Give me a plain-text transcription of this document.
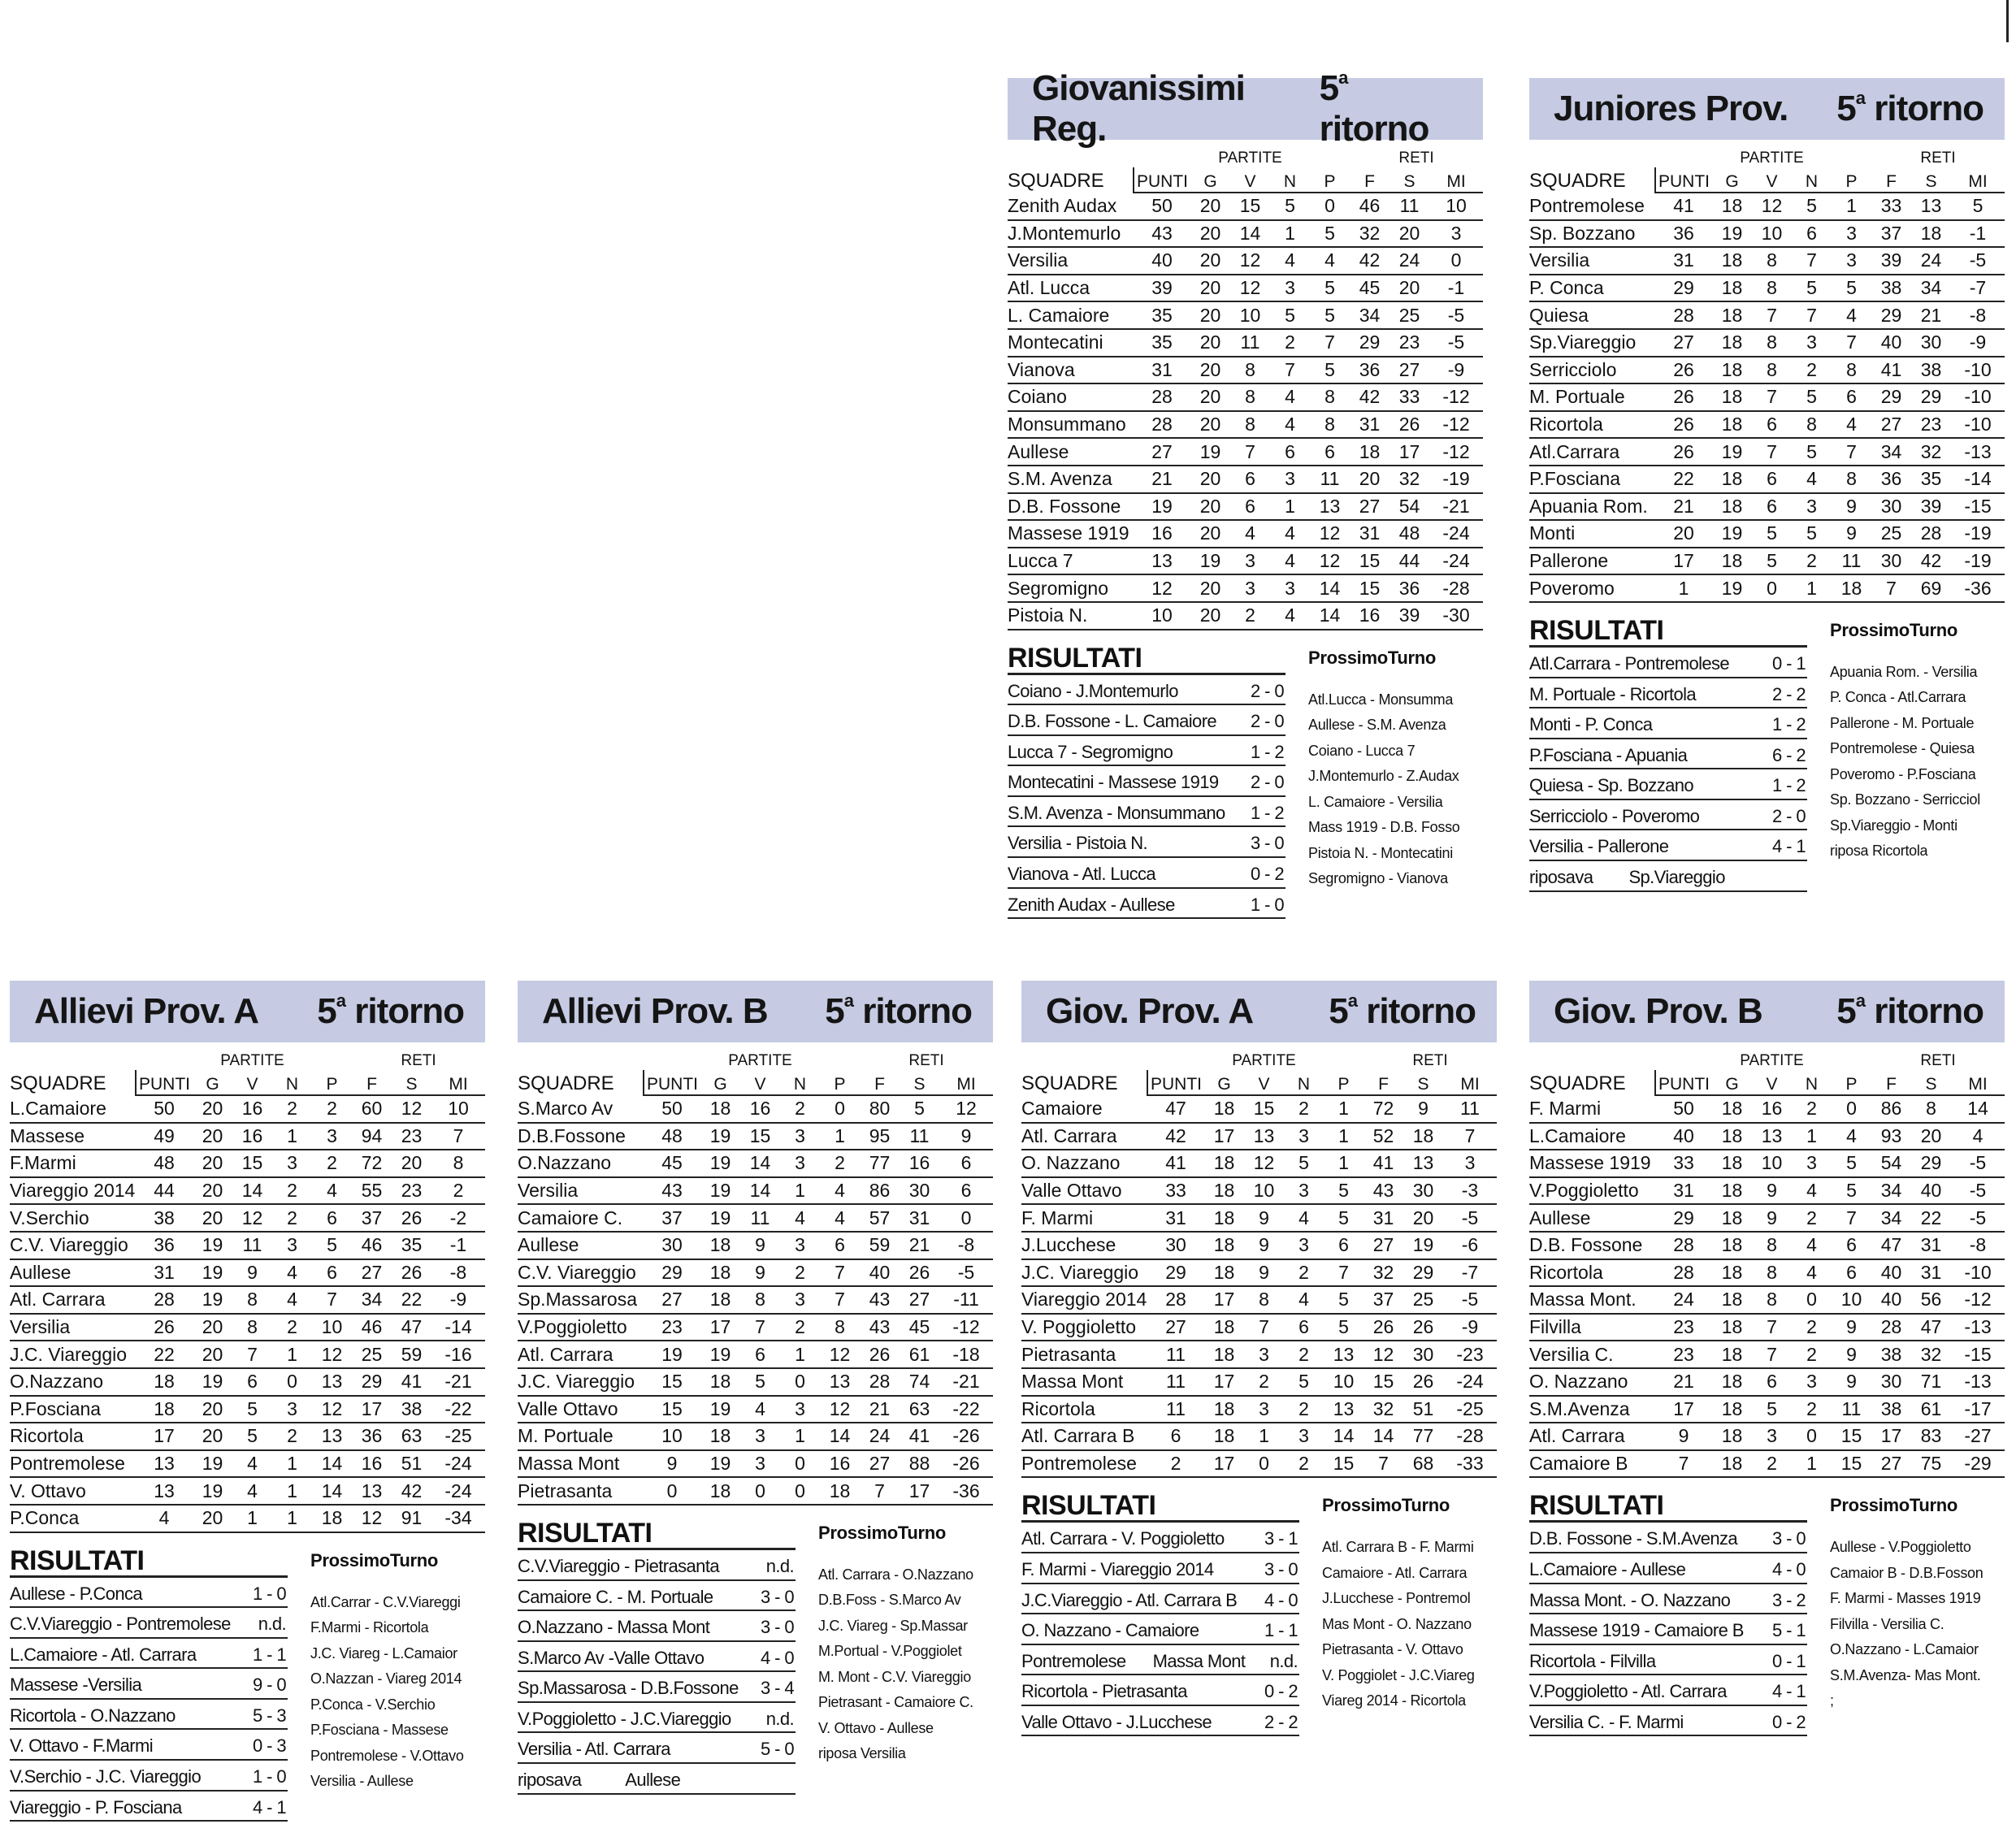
Giovanissimi Reg.
5$^a$ ritorno
		PARTITE				RETI			
SQUADRE	PUNTI	G	V	N	P	F	S	MI	
Zenith Audax	50	20	15	5	0	46	11	10	
J.Montemurlo	43	20	14	1	5	32	20	3	
Versilia	40	20	12	4	4	42	24	0	
Atl. Lucca	39	20	12	3	5	45	20	-1	
L. Camaiore	35	20	10	5	5	34	25	-5	
Montecatini	35	20	11	2	7	29	23	-5	
Vianova	31	20	8	7	5	36	27	-9	
Coiano	28	20	8	4	8	42	33	-12	
Monsummano	28	20	8	4	8	31	26	-12	
Aullese	27	19	7	6	6	18	17	-12	
S.M. Avenza	21	20	6	3	11	20	32	-19	
D.B. Fossone	19	20	6	1	13	27	54	-21	
Massese 1919	16	20	4	4	12	31	48	-24	
Lucca 7	13	19	3	4	12	15	44	-24	
Segromigno	12	20	3	3	14	15	36	-28	
Pistoia N.	10	20	2	4	14	16	39	-30	
RISULTATI
Coiano - J.Montemurlo	2 - 0
D.B. Fossone - L. Camaiore 2 - 0
Lucca 7 - Segromigno	1 - 2
Montecatini - Massese 1919 2 - 0
S.M. Avenza - Monsummano 1 - 2
Versilia - Pistoia N.	3 - 0
Vianova - Atl. Lucca	0 - 2
Zenith Audax - Aullese	1 - 0
ProssimoTurno
Atl.Lucca - Monsumma
Aullese - S.M. Avenza
Coiano - Lucca 7
J.Montemurlo - Z.Audax
L. Camaiore - Versilia
Mass 1919 - D.B. Fosso
Pistoia N. - Montecatini
Segromigno - Vianova
Juniores Prov. 5$^a$ ritorno
		PARTITE				RETI			
SQUADRE	PUNTI	G	V	N	P	F	S	MI	
Pontremolese	41	18	12	5	1	33	13	5	
Sp. Bozzano	36	19	10	6	3	37	18	-1	
Versilia	31	18	8	7	3	39	24	-5	
P. Conca	29	18	8	5	5	38	34	-7	
Quiesa	28	18	7	7	4	29	21	-8	
Sp.Viareggio	27	18	8	3	7	40	30	-9	
Serricciolo	26	18	8	2	8	41	38	-10	
M. Portuale	26	18	7	5	6	29	29	-10	
Ricortola	26	18	6	8	4	27	23	-10	
Atl.Carrara	26	19	7	5	7	34	32	-13	
P.Fosciana	22	18	6	4	8	36	35	-14	
Apuania Rom.	21	18	6	3	9	30	39	-15	
Monti	20	19	5	5	9	25	28	-19	
Pallerone	17	18	5	2	11	30	42	-19	
Poveromo	1	19	0	1	18	7	69	-36	
RISULTATI
Atl.Carrara - Pontremolese 0 - 1
M. Portuale - Ricortola	2 - 2
Monti - P. Conca	1 - 2
P.Fosciana - Apuania	6 - 2
Quiesa - Sp. Bozzano	1 - 2
Serricciolo - Poveromo	2 - 0
Versilia - Pallerone	4 - 1
riposava        Sp.Viareggio
ProssimoTurno
Apuania Rom. - Versilia
P. Conca - Atl.Carrara
Pallerone - M. Portuale
Pontremolese - Quiesa
Poveromo - P.Fosciana
Sp. Bozzano - Serricciol
Sp.Viareggio - Monti
riposa Ricortola
Allievi Prov. A 5$^a$ ritorno
		PARTITE				RETI			
SQUADRE	PUNTI	G	V	N	P	F	S	MI	
L.Camaiore	50	20	16	2	2	60	12	10	
Massese	49	20	16	1	3	94	23	7	
F.Marmi	48	20	15	3	2	72	20	8	
Viareggio 2014	44	20	14	2	4	55	23	2	
V.Serchio	38	20	12	2	6	37	26	-2	
C.V. Viareggio	36	19	11	3	5	46	35	-1	
Aullese	31	19	9	4	6	27	26	-8	
Atl. Carrara	28	19	8	4	7	34	22	-9	
Versilia	26	20	8	2	10	46	47	-14	
J.C. Viareggio	22	20	7	1	12	25	59	-16	
O.Nazzano	18	19	6	0	13	29	41	-21	
P.Fosciana	18	20	5	3	12	17	38	-22	
Ricortola	17	20	5	2	13	36	63	-25	
Pontremolese	13	19	4	1	14	16	51	-24	
V. Ottavo	13	19	4	1	14	13	42	-24	
P.Conca	4	20	1	1	18	12	91	-34	
RISULTATI
Aullese - P.Conca	1 - 0
C.V.Viareggio - Pontremolese n.d.
L.Camaiore - Atl. Carrara	1 - 1
Massese -Versilia	9 - 0
Ricortola - O.Nazzano	5 - 3
V. Ottavo - F.Marmi	0 - 3
V.Serchio - J.C. Viareggio	1 - 0
Viareggio - P. Fosciana	4 - 1
ProssimoTurno
Atl.Carrar - C.V.Viareggi
F.Marmi - Ricortola
J.C. Viareg - L.Camaior
O.Nazzan - Viareg 2014
P.Conca - V.Serchio
P.Fosciana - Massese
Pontremolese - V.Ottavo
Versilia - Aullese
Allievi Prov. B 5$^a$ ritorno
		PARTITE				RETI			
SQUADRE	PUNTI	G	V	N	P	F	S	MI	
S.Marco Av	50	18	16	2	0	80	5	12	
D.B.Fossone	48	19	15	3	1	95	11	9	
O.Nazzano	45	19	14	3	2	77	16	6	
Versilia	43	19	14	1	4	86	30	6	
Camaiore C.	37	19	11	4	4	57	31	0	
Aullese	30	18	9	3	6	59	21	-8	
C.V. Viareggio	29	18	9	2	7	40	26	-5	
Sp.Massarosa	27	18	8	3	7	43	27	-11	
V.Poggioletto	23	17	7	2	8	43	45	-12	
Atl. Carrara	19	19	6	1	12	26	61	-18	
J.C. Viareggio	15	18	5	0	13	28	74	-21	
Valle Ottavo	15	19	4	3	12	21	63	-22	
M. Portuale	10	18	3	1	14	24	41	-26	
Massa Mont	9	19	3	0	16	27	88	-26	
Pietrasanta	0	18	0	0	18	7	17	-36	
RISULTATI
C.V.Viareggio - Pietrasanta	n.d.
Camaiore C. - M. Portuale	3 - 0
O.Nazzano - Massa Mont	3 - 0
S.Marco Av -Valle Ottavo	4 - 0
Sp.Massarosa - D.B.Fossone 3 - 4
V.Poggioletto - J.C.Viareggio n.d.
Versilia - Atl. Carrara	5 - 0
riposava          Aullese
ProssimoTurno
Atl. Carrara - O.Nazzano
D.B.Foss - S.Marco Av
J.C. Viareg - Sp.Massar
M.Portual - V.Poggiolet
M. Mont - C.V. Viareggio
Pietrasant - Camaiore C.
V. Ottavo - Aullese
riposa Versilia
Giov. Prov. A 5$^a$ ritorno
		PARTITE				RETI			
SQUADRE	PUNTI	G	V	N	P	F	S	MI	
Camaiore	47	18	15	2	1	72	9	11	
Atl. Carrara	42	17	13	3	1	52	18	7	
O. Nazzano	41	18	12	5	1	41	13	3	
Valle Ottavo	33	18	10	3	5	43	30	-3	
F. Marmi	31	18	9	4	5	31	20	-5	
J.Lucchese	30	18	9	3	6	27	19	-6	
J.C. Viareggio	29	18	9	2	7	32	29	-7	
Viareggio 2014	28	17	8	4	5	37	25	-5	
V. Poggioletto	27	18	7	6	5	26	26	-9	
Pietrasanta	11	18	3	2	13	12	30	-23	
Massa Mont	11	17	2	5	10	15	26	-24	
Ricortola	11	18	3	2	13	32	51	-25	
Atl. Carrara B	6	18	1	3	14	14	77	-28	
Pontremolese	2	17	0	2	15	7	68	-33	
RISULTATI
Atl. Carrara - V. Poggioletto 3 - 1
F. Marmi - Viareggio 2014	3 - 0
J.C.Viareggio - Atl. Carrara B 4 - 0
O. Nazzano - Camaiore	1 - 1
Pontremolese      Massa Mont n.d.
Ricortola - Pietrasanta	0 - 2
Valle Ottavo - J.Lucchese	2 - 2
ProssimoTurno
Atl. Carrara B - F. Marmi
Camaiore - Atl. Carrara
J.Lucchese - Pontremol
Mas Mont - O. Nazzano
Pietrasanta - V. Ottavo
V. Poggiolet - J.C.Viareg
Viareg 2014 - Ricortola
Giov. Prov. B 5$^a$ ritorno
		PARTITE				RETI			
SQUADRE	PUNTI	G	V	N	P	F	S	MI	
F. Marmi	50	18	16	2	0	86	8	14	
L.Camaiore	40	18	13	1	4	93	20	4	
Massese 1919	33	18	10	3	5	54	29	-5	
V.Poggioletto	31	18	9	4	5	34	40	-5	
Aullese	29	18	9	2	7	34	22	-5	
D.B. Fossone	28	18	8	4	6	47	31	-8	
Ricortola	28	18	8	4	6	40	31	-10	
Massa Mont.	24	18	8	0	10	40	56	-12	
Filvilla	23	18	7	2	9	28	47	-13	
Versilia C.	23	18	7	2	9	38	32	-15	
O. Nazzano	21	18	6	3	9	30	71	-13	
S.M.Avenza	17	18	5	2	11	38	61	-17	
Atl. Carrara	9	18	3	0	15	17	83	-27	
Camaiore B	7	18	2	1	15	27	75	-29	
RISULTATI
D.B. Fossone - S.M.Avenza 3 - 0
L.Camaiore - Aullese	4 - 0
Massa Mont. - O. Nazzano 3 - 2
Massese 1919 - Camaiore B 5 - 1
Ricortola - Filvilla	0 - 1
V.Poggioletto - Atl. Carrara	4 - 1
Versilia C. - F. Marmi	0 - 2
ProssimoTurno
Aullese - V.Poggioletto
Camaior B - D.B.Fosson
F. Marmi - Masses 1919
Filvilla - Versilia C.
O.Nazzano - L.Camaior
S.M.Avenza- Mas Mont.
;
